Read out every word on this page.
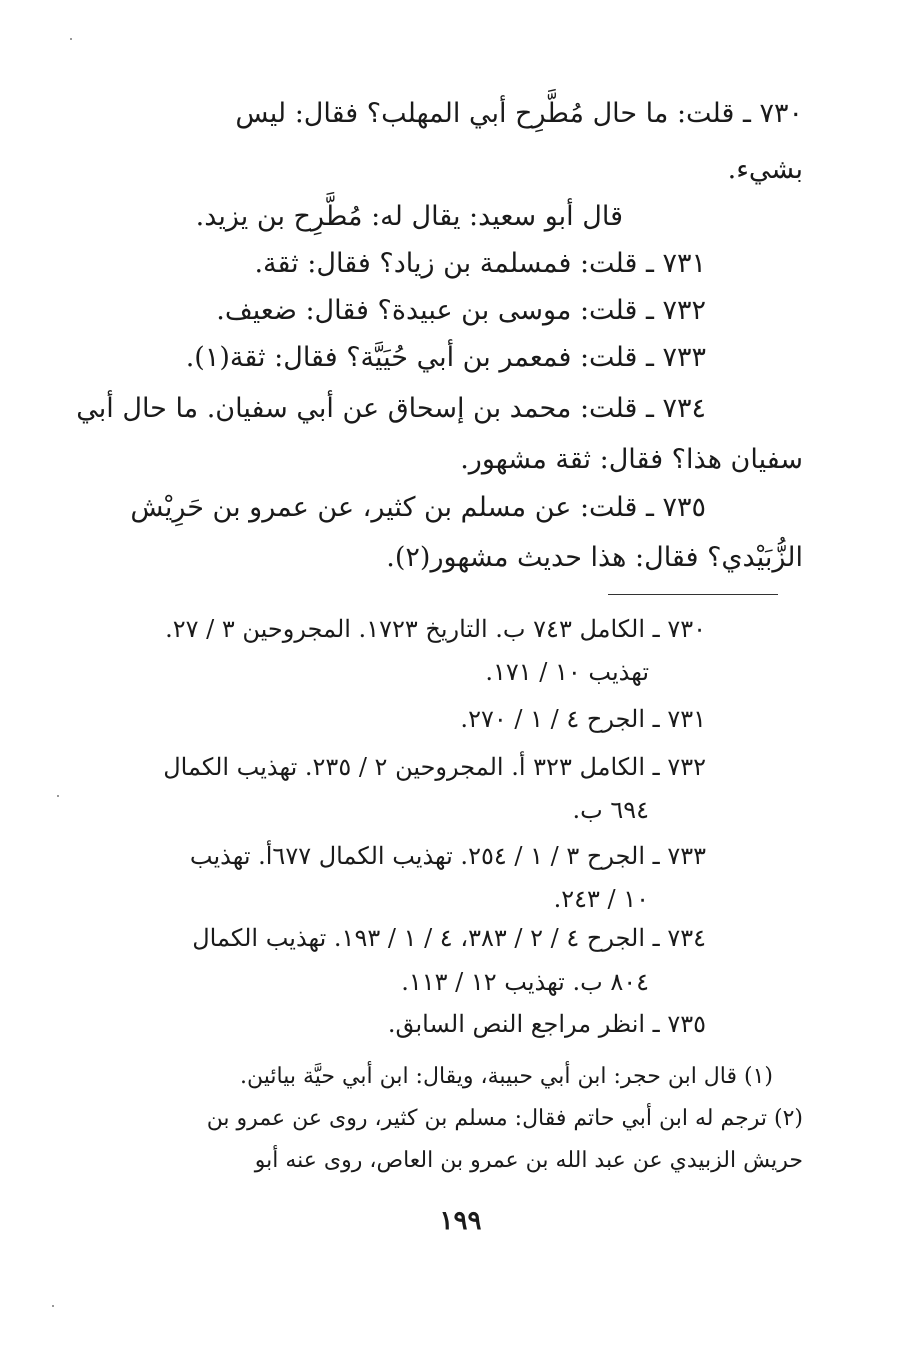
٧٣٠ ـ قلت: ما حال مُطَّرِح أبي المهلب؟ فقال: ليس
بشيء.
قال أبو سعيد: يقال له: مُطَّرِح بن يزيد.
٧٣١ ـ قلت: فمسلمة بن زياد؟ فقال: ثقة.
٧٣٢ ـ قلت: موسى بن عبيدة؟ فقال: ضعيف.
٧٣٣ ـ قلت: فمعمر بن أبي حُيَيَّة؟ فقال: ثقة(١).
٧٣٤ ـ قلت: محمد بن إسحاق عن أبي سفيان. ما حال أبي
سفيان هذا؟ فقال: ثقة مشهور.
٧٣٥ ـ قلت: عن مسلم بن كثير، عن عمرو بن حَرِيْش
الزُّبَيْدي؟ فقال: هذا حديث مشهور(٢).
٧٣٠ ـ الكامل ٧٤٣ ب. التاريخ ١٧٢٣. المجروحين ٣ / ٢٧.
تهذيب ١٠ / ١٧١.
٧٣١ ـ الجرح ٤ / ١ / ٢٧٠.
٧٣٢ ـ الكامل ٣٢٣ أ. المجروحين ٢ / ٢٣٥. تهذيب الكمال
٦٩٤ ب.
٧٣٣ ـ الجرح ٣ / ١ / ٢٥٤. تهذيب الكمال ٦٧٧أ. تهذيب
١٠ / ٢٤٣.
٧٣٤ ـ الجرح ٤ / ٢ / ٣٨٣، ٤ / ١ / ١٩٣. تهذيب الكمال
٨٠٤ ب. تهذيب ١٢ / ١١٣.
٧٣٥ ـ انظر مراجع النص السابق.
(١) قال ابن حجر: ابن أبي حبيبة، ويقال: ابن أبي حيَّة بيائين.
(٢) ترجم له ابن أبي حاتم فقال: مسلم بن كثير، روى عن عمرو بن
حريش الزبيدي عن عبد الله بن عمرو بن العاص، روى عنه أبو
١٩٩
